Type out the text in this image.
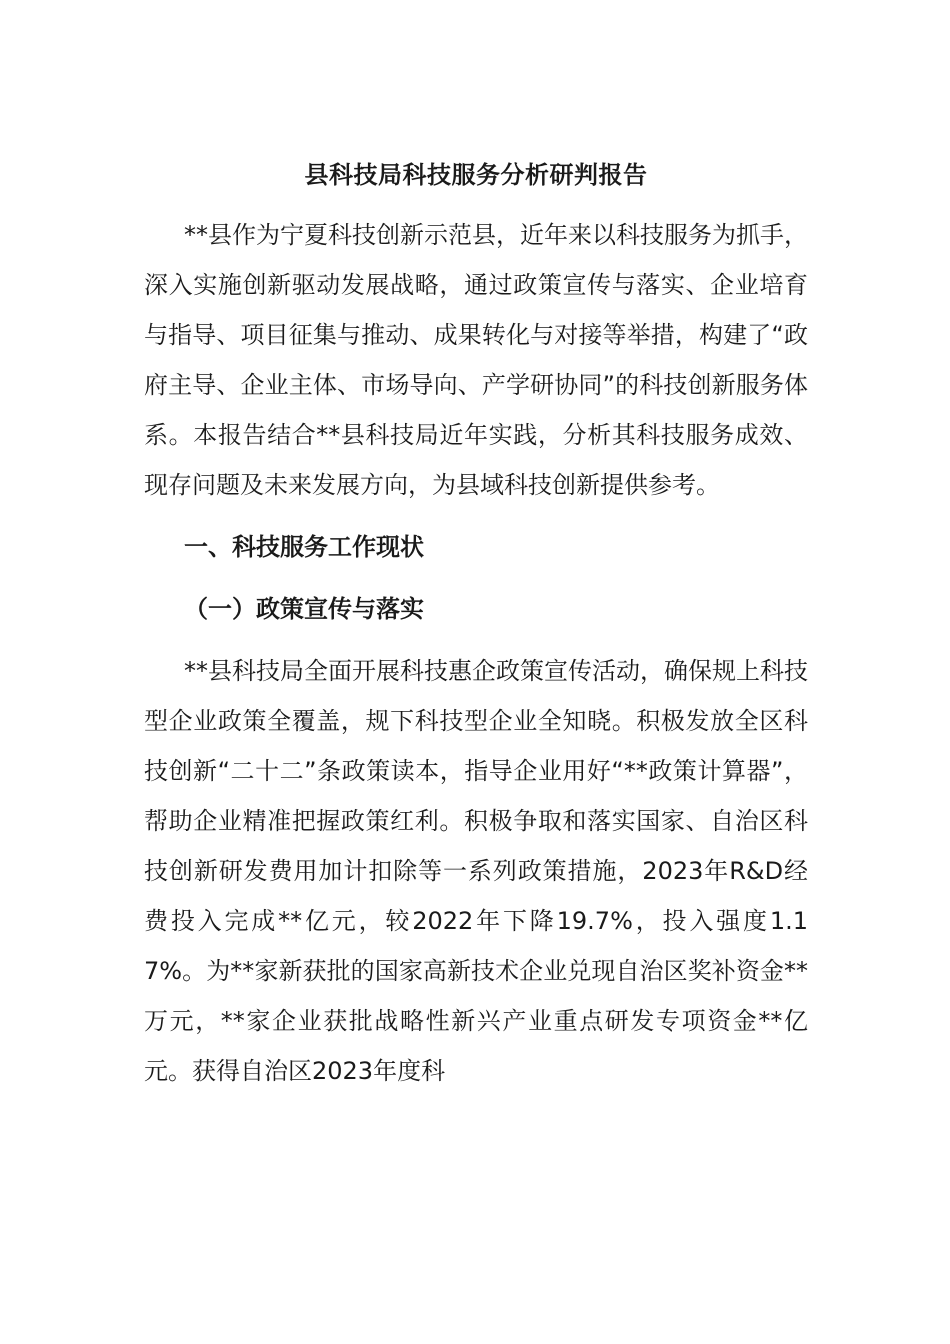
县科技局科技服务分析研判报告

**县作为宁夏科技创新示范县，近年来以科技服务为抓手，深入实施创新驱动发展战略，通过政策宣传与落实、企业培育与指导、项目征集与推动、成果转化与对接等举措，构建了“政府主导、企业主体、市场导向、产学研协同”的科技创新服务体系。本报告结合**县科技局近年实践，分析其科技服务成效、现存问题及未来发展方向，为县域科技创新提供参考。

一、科技服务工作现状
（一）政策宣传与落实

**县科技局全面开展科技惠企政策宣传活动，确保规上科技型企业政策全覆盖，规下科技型企业全知晓。积极发放全区科技创新“二十二”条政策读本，指导企业用好“**政策计算器”，帮助企业精准把握政策红利。积极争取和落实国家、自治区科技创新研发费用加计扣除等一系列政策措施，2023年R&D经费投入完成**亿元，较2022年下降19.7%，投入强度1.17%。为**家新获批的国家高新技术企业兑现自治区奖补资金**万元，**家企业获批战略性新兴产业重点研发专项资金**亿元。获得自治区2023年度科
